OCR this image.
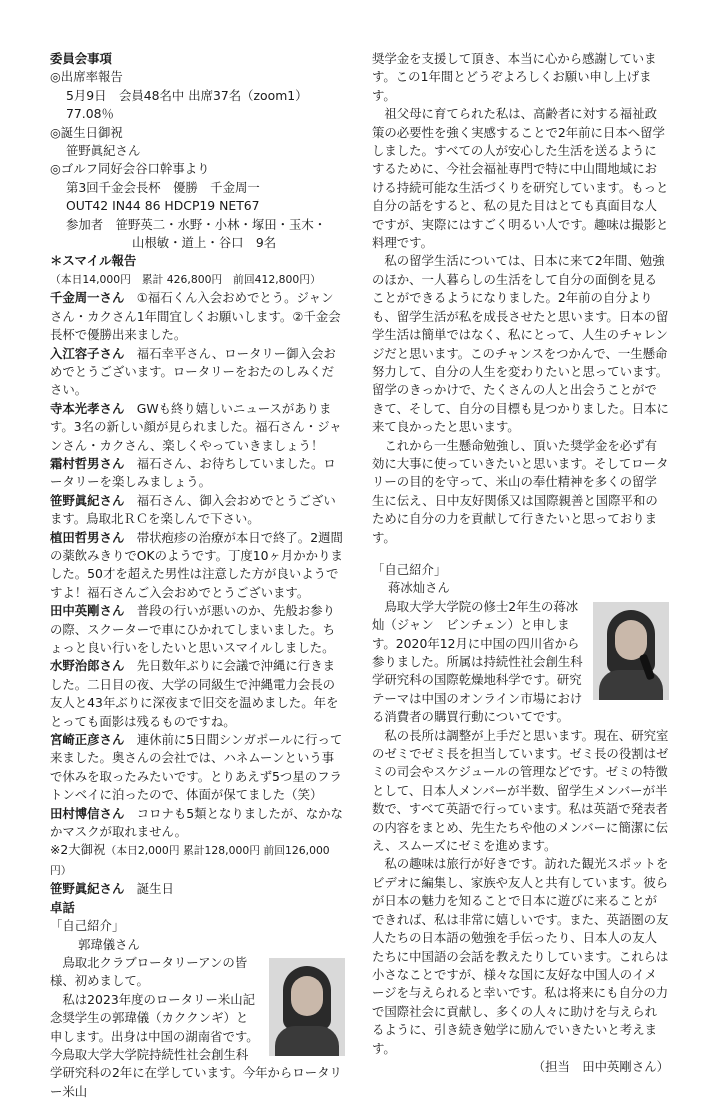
委員会事項

◎出席率報告

5月9日　会員48名中 出席37名（zoom1）77.08％

◎誕生日御祝

笹野眞紀さん

◎ゴルフ同好会谷口幹事より

第3回千金会長杯　優勝　千金周一

OUT42 IN44 86 HDCP19 NET67

参加者　笹野英二・水野・小林・塚田・玉木・

山根敏・道上・谷口　9名

＊スマイル報告

（本日14,000円　累計 426,800円　前回412,800円）

千金周一さん　 ①福石くん入会おめでとう。ジャンさん・カクさん1年間宜しくお願いします。②千金会長杯で優勝出来ました。

入江容子さん　 福石幸平さん、ロータリー御入会おめでとうございます。ロータリーをおたのしみください。

寺本光孝さん　 GWも終り嬉しいニュースがあります。3名の新しい顔が見られました。福石さん・ジャンさん・カクさん、楽しくやっていきましょう！

霜村哲男さん　 福石さん、お待ちしていました。ロータリーを楽しみましょう。

笹野眞紀さん　 福石さん、御入会おめでとうございます。鳥取北ＲＣを楽しんで下さい。

植田哲男さん　 帯状疱疹の治療が本日で終了。2週間の薬飲みきりでOKのようです。丁度10ヶ月かかりました。50才を超えた男性は注意した方が良いようですよ！福石さんご入会おめでとうございます。

田中英剛さん　 普段の行いが悪いのか、先般お参りの際、スクーターで車にひかれてしまいました。ちょっと良い行いをしたいと思いスマイルしました。

水野治郎さん　 先日数年ぶりに会議で沖縄に行きました。二日目の夜、大学の同級生で沖縄電力会長の友人と43年ぶりに深夜まで旧交を温めました。年をとっても面影は残るものですね。

宮崎正彦さん　 連休前に5日間シンガポールに行って来ました。奥さんの会社では、ハネムーンという事で休みを取ったみたいです。とりあえず5つ星のフラトンベイに泊ったので、体面が保てました（笑）

田村博信さん　 コロナも5類となりましたが、なかなかマスクが取れません。

※2大御祝（本日2,000円 累計128,000円 前回126,000円）

笹野眞紀さん　 誕生日

卓話

「自己紹介」

郭瑋儀さん

鳥取北クラブロータリーアンの皆様、初めまして。

私は2023年度のロータリー米山記念奨学生の郭瑋儀（カククンギ）と申します。出身は中国の湖南省です。今鳥取大学大学院持続性社会創生科学研究科の2年に在学しています。今年からロータリー米山

奨学金を支援して頂き、本当に心から感謝しています。この1年間とどうぞよろしくお願い申し上げます。

祖父母に育てられた私は、高齢者に対する福祉政策の必要性を強く実感することで2年前に日本へ留学しました。すべての人が安心した生活を送るようにするために、今社会福祉専門で特に中山間地域における持続可能な生活づくりを研究しています。もっと自分の話をすると、私の見た目はとても真面目な人ですが、実際にはすごく明るい人です。趣味は撮影と料理です。

私の留学生活については、日本に来て2年間、勉強のほか、一人暮らしの生活をして自分の面倒を見ることができるようになりました。2年前の自分よりも、留学生活が私を成長させたと思います。日本の留学生活は簡単ではなく、私にとって、人生のチャレンジだと思います。このチャンスをつかんで、一生懸命努力して、自分の人生を変わりたいと思っています。留学のきっかけで、たくさんの人と出会うことができて、そして、自分の目標も見つかりました。日本に来て良かったと思います。

これから一生懸命勉強し、頂いた奨学金を必ず有効に大事に使っていきたいと思います。そしてロータリーの目的を守って、米山の奉仕精神を多くの留学生に伝え、日中友好関係又は国際親善と国際平和のために自分の力を貢献して行きたいと思っております。

「自己紹介」

蒋冰灿さん

鳥取大学大学院の修士2年生の蒋冰灿（ジャン　ビンチェン）と申します。2020年12月に中国の四川省から参りました。所属は持続性社会創生科学研究科の国際乾燥地科学です。研究テーマは中国のオンライン市場における消費者の購買行動についてです。

私の長所は調整が上手だと思います。現在、研究室のゼミでゼミ長を担当しています。ゼミ長の役割はゼミの司会やスケジュールの管理などです。ゼミの特徴として、日本人メンバーが半数、留学生メンバーが半数で、すべて英語で行っています。私は英語で発表者の内容をまとめ、先生たちや他のメンバーに簡潔に伝え、スムーズにゼミを進めます。

私の趣味は旅行が好きです。訪れた観光スポットをビデオに編集し、家族や友人と共有しています。彼らが日本の魅力を知ることで日本に遊びに来ることができれば、私は非常に嬉しいです。また、英語圏の友人たちの日本語の勉強を手伝ったり、日本人の友人たちに中国語の会話を教えたりしています。これらは小さなことですが、様々な国に友好な中国人のイメージを与えられると幸いです。私は将来にも自分の力で国際社会に貢献し、多くの人々に助けを与えられるように、引き続き勉学に励んでいきたいと考えます。

（担当　田中英剛さん）
